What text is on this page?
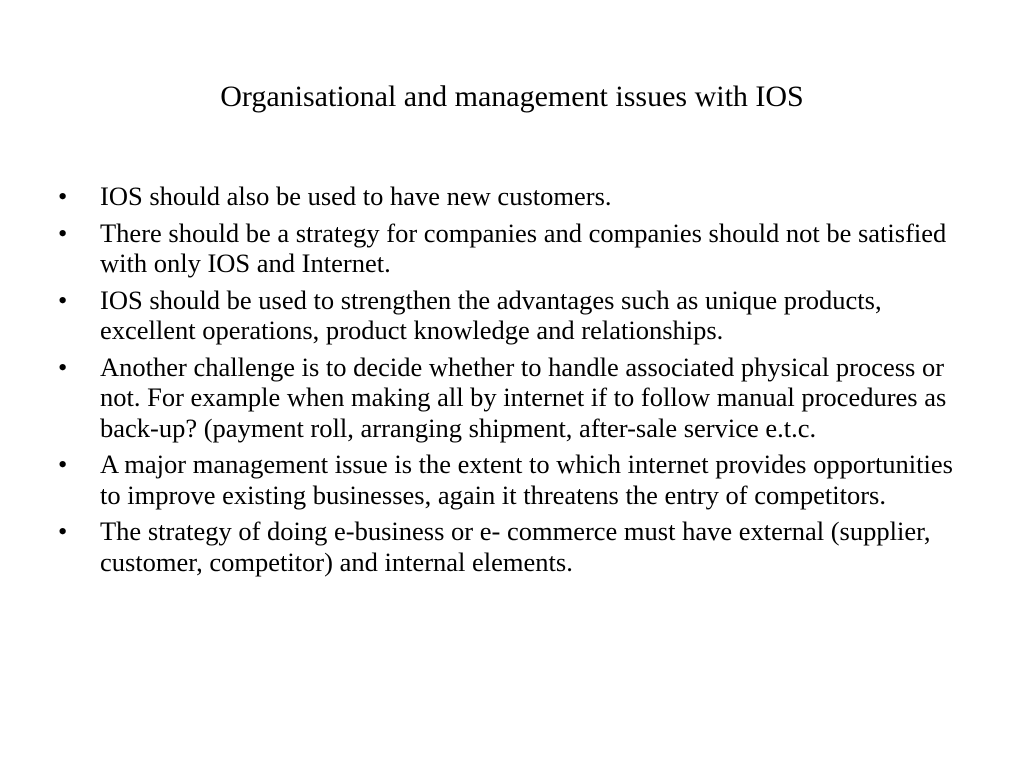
Organisational and management issues with IOS
•	IOS should also be used to have new customers.
•	There should be a strategy for companies and companies should not be satisfied with only IOS and Internet.
•	IOS should be used to strengthen the advantages such as unique products, excellent operations, product knowledge and relationships.
•	Another challenge is to decide whether to handle associated physical process or not. For example when making all by internet if to follow manual procedures as back-up? (payment roll, arranging shipment, after-sale service e.t.c.
•	A major management issue is the extent to which internet provides opportunities to improve existing businesses, again it threatens the entry of competitors.
•	The strategy of doing e-business or e- commerce must have external (supplier, customer, competitor) and internal elements.
